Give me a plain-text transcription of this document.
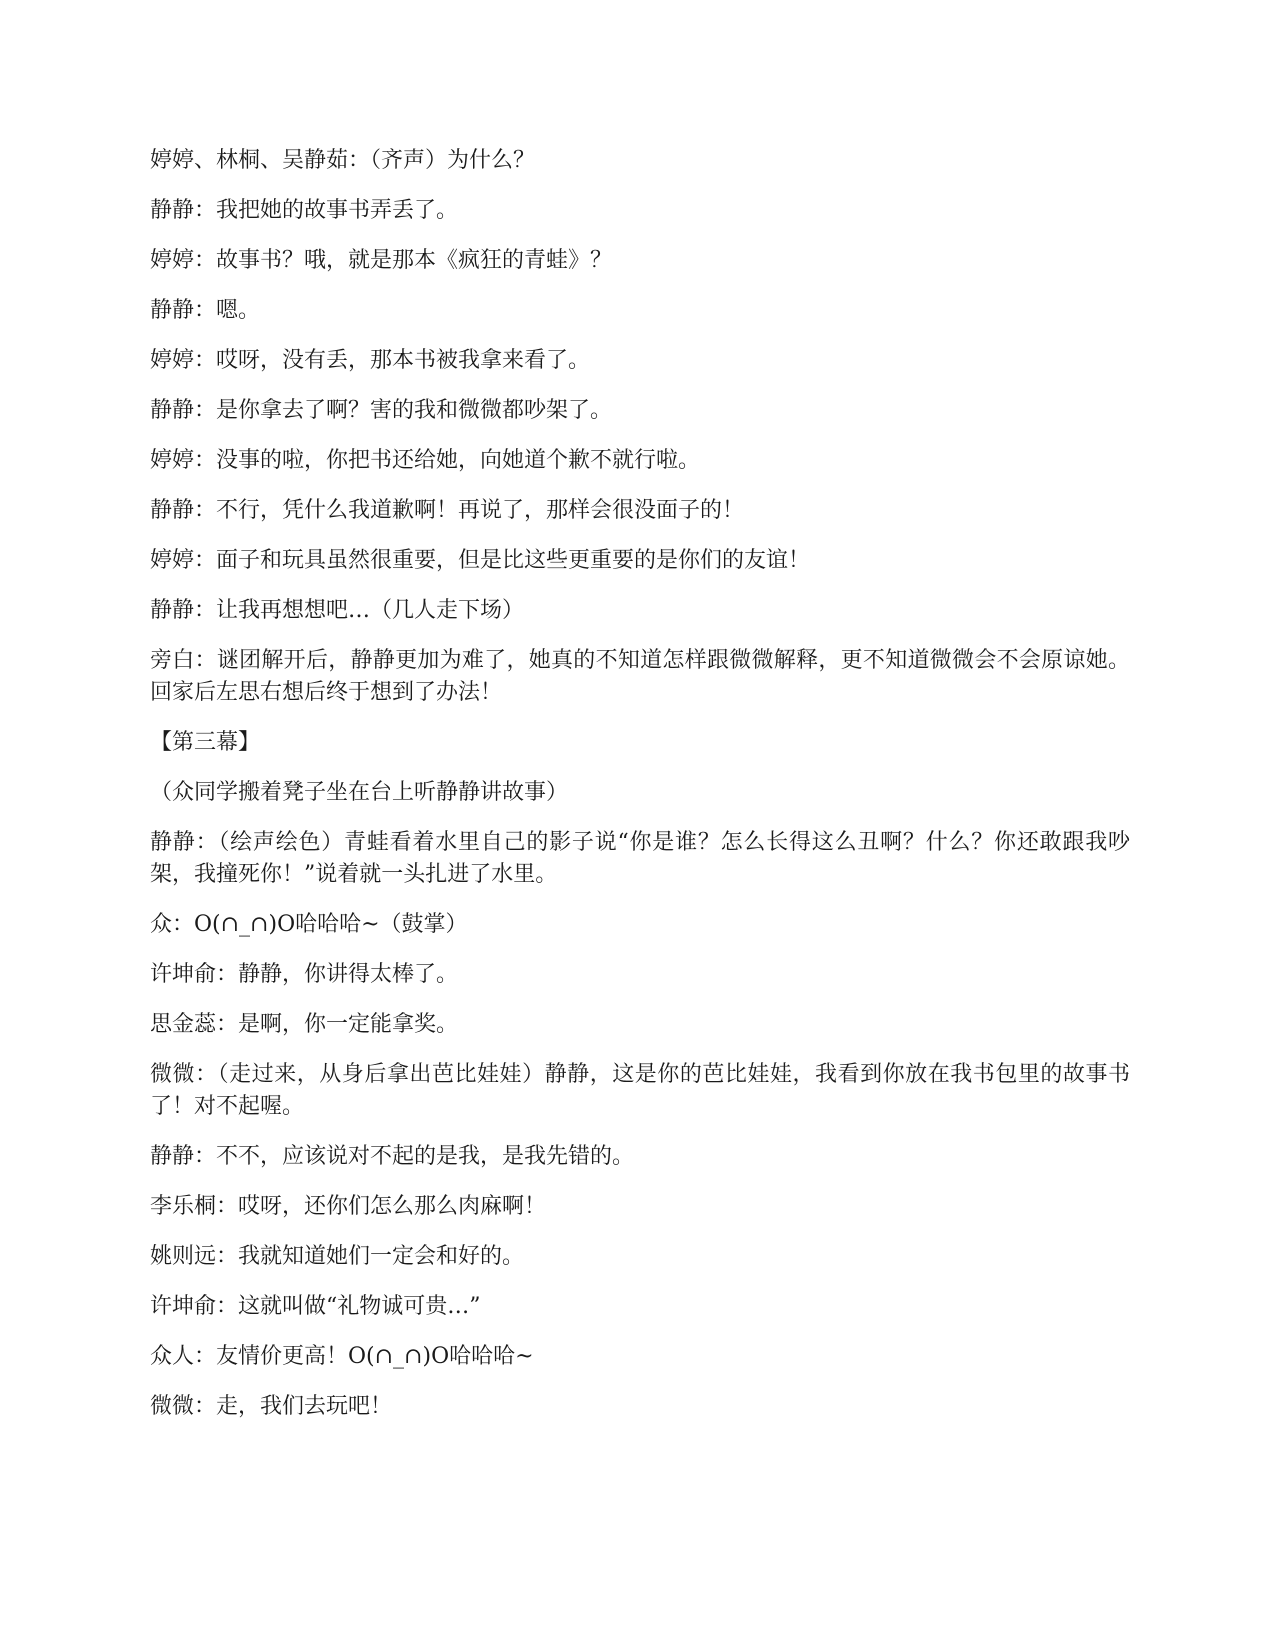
婷婷、林桐、吴静茹：（齐声）为什么？

静静：我把她的故事书弄丢了。

婷婷：故事书？哦，就是那本《疯狂的青蛙》？

静静：嗯。

婷婷：哎呀，没有丢，那本书被我拿来看了。

静静：是你拿去了啊？害的我和微微都吵架了。

婷婷：没事的啦，你把书还给她，向她道个歉不就行啦。

静静：不行，凭什么我道歉啊！再说了，那样会很没面子的！

婷婷：面子和玩具虽然很重要，但是比这些更重要的是你们的友谊！

静静：让我再想想吧…（几人走下场）

旁白：谜团解开后，静静更加为难了，她真的不知道怎样跟微微解释，更不知道微微会不会原谅她。回家后左思右想后终于想到了办法！

【第三幕】

（众同学搬着凳子坐在台上听静静讲故事）

静静：（绘声绘色）青蛙看着水里自己的影子说“你是谁？怎么长得这么丑啊？什么？你还敢跟我吵架，我撞死你！”说着就一头扎进了水里。

众：O(∩_∩)O哈哈哈~（鼓掌）

许坤俞：静静，你讲得太棒了。

思金蕊：是啊，你一定能拿奖。

微微：（走过来，从身后拿出芭比娃娃）静静，这是你的芭比娃娃，我看到你放在我书包里的故事书了！对不起喔。

静静：不不，应该说对不起的是我，是我先错的。

李乐桐：哎呀，还你们怎么那么肉麻啊！

姚则远：我就知道她们一定会和好的。

许坤俞：这就叫做“礼物诚可贵…”

众人：友情价更高！O(∩_∩)O哈哈哈~

微微：走，我们去玩吧！
